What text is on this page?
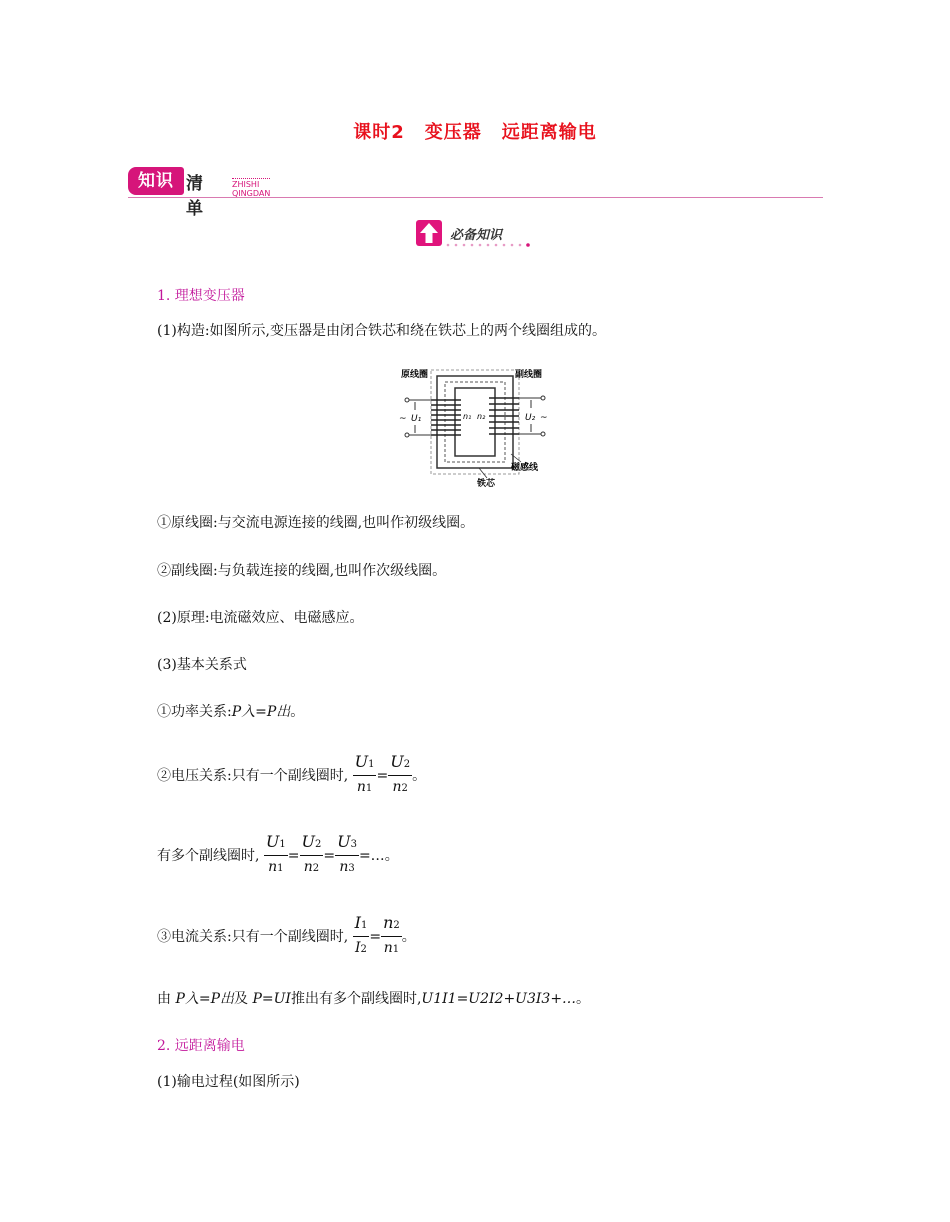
课时2 变压器 远距离输电
知识 清单
ZHISHI QINGDAN
必备知识
1. 理想变压器
(1)构造:如图所示,变压器是由闭合铁芯和绕在铁芯上的两个线圈组成的。
原线圈	副线圈
~ U₁	n₁ n₂	U₂ ~
磁感线
铁芯
①原线圈:与交流电源连接的线圈,也叫作初级线圈。
②副线圈:与负载连接的线圈,也叫作次级线圈。
(2)原理:电流磁效应、电磁感应。
(3)基本关系式
①功率关系:P入=P出。
②电压关系:只有一个副线圈时, $\frac{U1}{n1} = \frac{U2}{n2}$ 。
有多个副线圈时, $\frac{U1}{n1} = \frac{U2}{n2} = \frac{U3}{n3}$ =…。
③电流关系:只有一个副线圈时, $\frac{I1}{I2} = \frac{n2}{n1}$ 。
由 P入=P出及 P=UI推出有多个副线圈时,U1I1=U2I2+U3I3+…。
2. 远距离输电
(1)输电过程(如图所示)
